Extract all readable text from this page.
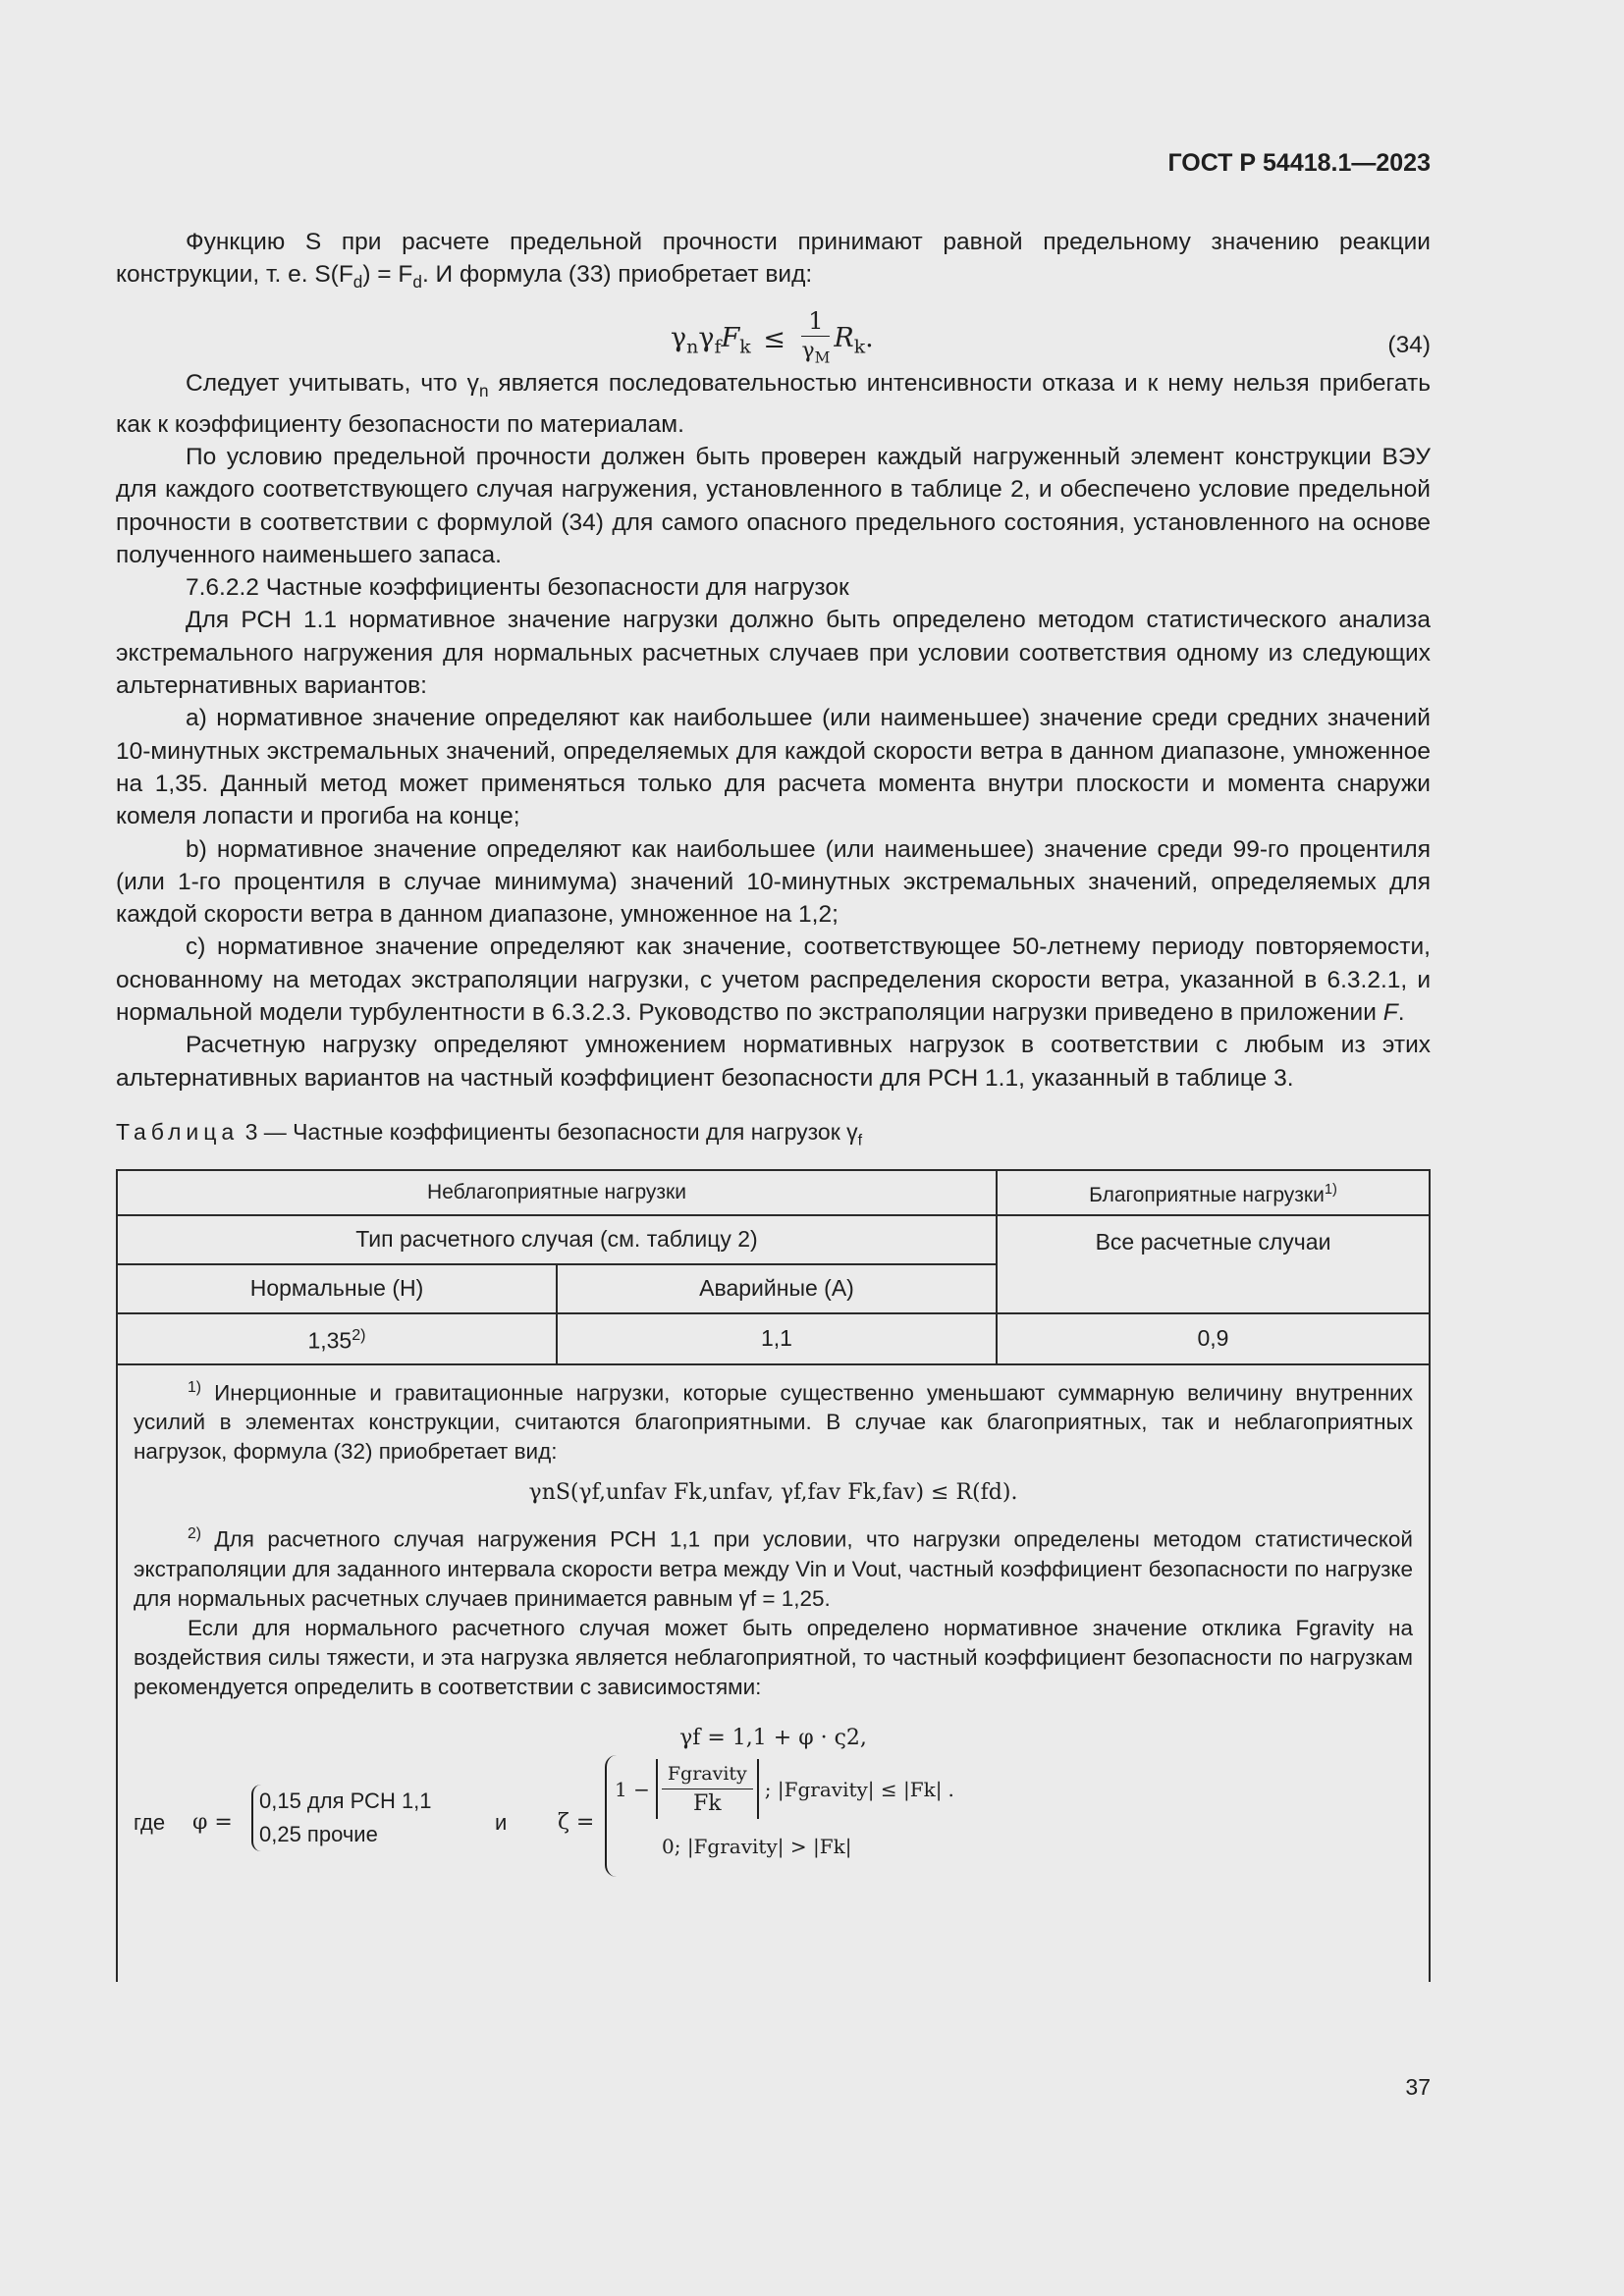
ГОСТ Р 54418.1—2023

Функцию S при расчете предельной прочности принимают равной предельному значению реакции конструкции, т. е. $S(F_d) = F_d$. И формула (33) приобретает вид:

$\gamma_n\gamma_fF_k \le \frac{1}{\gamma_M} R_k$.	(34)

Следует учитывать, что $\gamma_n$ является последовательностью интенсивности отказа и к нему нельзя прибегать как к коэффициенту безопасности по материалам.

По условию предельной прочности должен быть проверен каждый нагруженный элемент конструкции ВЭУ для каждого соответствующего случая нагружения, установленного в таблице 2, и обеспечено условие предельной прочности в соответствии с формулой (34) для самого опасного предельного состояния, установленного на основе полученного наименьшего запаса.

7.6.2.2 Частные коэффициенты безопасности для нагрузок

Для РСН 1.1 нормативное значение нагрузки должно быть определено методом статистического анализа экстремального нагружения для нормальных расчетных случаев при условии соответствия одному из следующих альтернативных вариантов:

а) нормативное значение определяют как наибольшее (или наименьшее) значение среди средних значений 10-минутных экстремальных значений, определяемых для каждой скорости ветра в данном диапазоне, умноженное на 1,35. Данный метод может применяться только для расчета момента внутри плоскости и момента снаружи комеля лопасти и прогиба на конце;

b) нормативное значение определяют как наибольшее (или наименьшее) значение среди 99-го процентиля (или 1-го процентиля в случае минимума) значений 10-минутных экстремальных значений, определяемых для каждой скорости ветра в данном диапазоне, умноженное на 1,2;

c) нормативное значение определяют как значение, соответствующее 50-летнему периоду повторяемости, основанному на методах экстраполяции нагрузки, с учетом распределения скорости ветра, указанной в 6.3.2.1, и нормальной модели турбулентности в 6.3.2.3. Руководство по экстраполяции нагрузки приведено в приложении F.

Расчетную нагрузку определяют умножением нормативных нагрузок в соответствии с любым из этих альтернативных вариантов на частный коэффициент безопасности для РСН 1.1, указанный в таблице 3.

Таблица 3 — Частные коэффициенты безопасности для нагрузок $\gamma_f$
Неблагоприятные нагрузки		Благоприятные нагрузки$^{1)}$
Тип расчетного случая (см. таблицу 2)		Все расчетные случаи
Нормальные (Н)	Аварийные (А)	
1,35$^{2)}$	1,1	0,9

$^{1)}$ Инерционные и гравитационные нагрузки, которые существенно уменьшают суммарную величину внутренних усилий в элементах конструкции, считаются благоприятными. В случае как благоприятных, так и неблагоприятных нагрузок, формула (32) приобретает вид:

γnS(γf,unfav Fk,unfav, γf,fav Fk,fav) ≤ R(fd).

$^{2)}$ Для расчетного случая нагружения РСН 1,1 при условии, что нагрузки определены методом статистической экстраполяции для заданного интервала скорости ветра между Vin и Vout, частный коэффициент безопасности по нагрузке для нормальных расчетных случаев принимается равным γf = 1,25.

Если для нормального расчетного случая может быть определено нормативное значение отклика Fgravity на воздействия силы тяжести, и эта нагрузка является неблагоприятной, то частный коэффициент безопасности по нагрузкам рекомендуется определить в соответствии с зависимостями:

γf = 1,1 + φ · ς2,

где φ =
0,15 для РСН 1,1
0,25 прочие	и ζ =
$1 - \frac{\text{Fgravity}}{Fk}$ ; |Fgravity| ≤ |Fk| .
0; |Fgravity| > |Fk|
37
